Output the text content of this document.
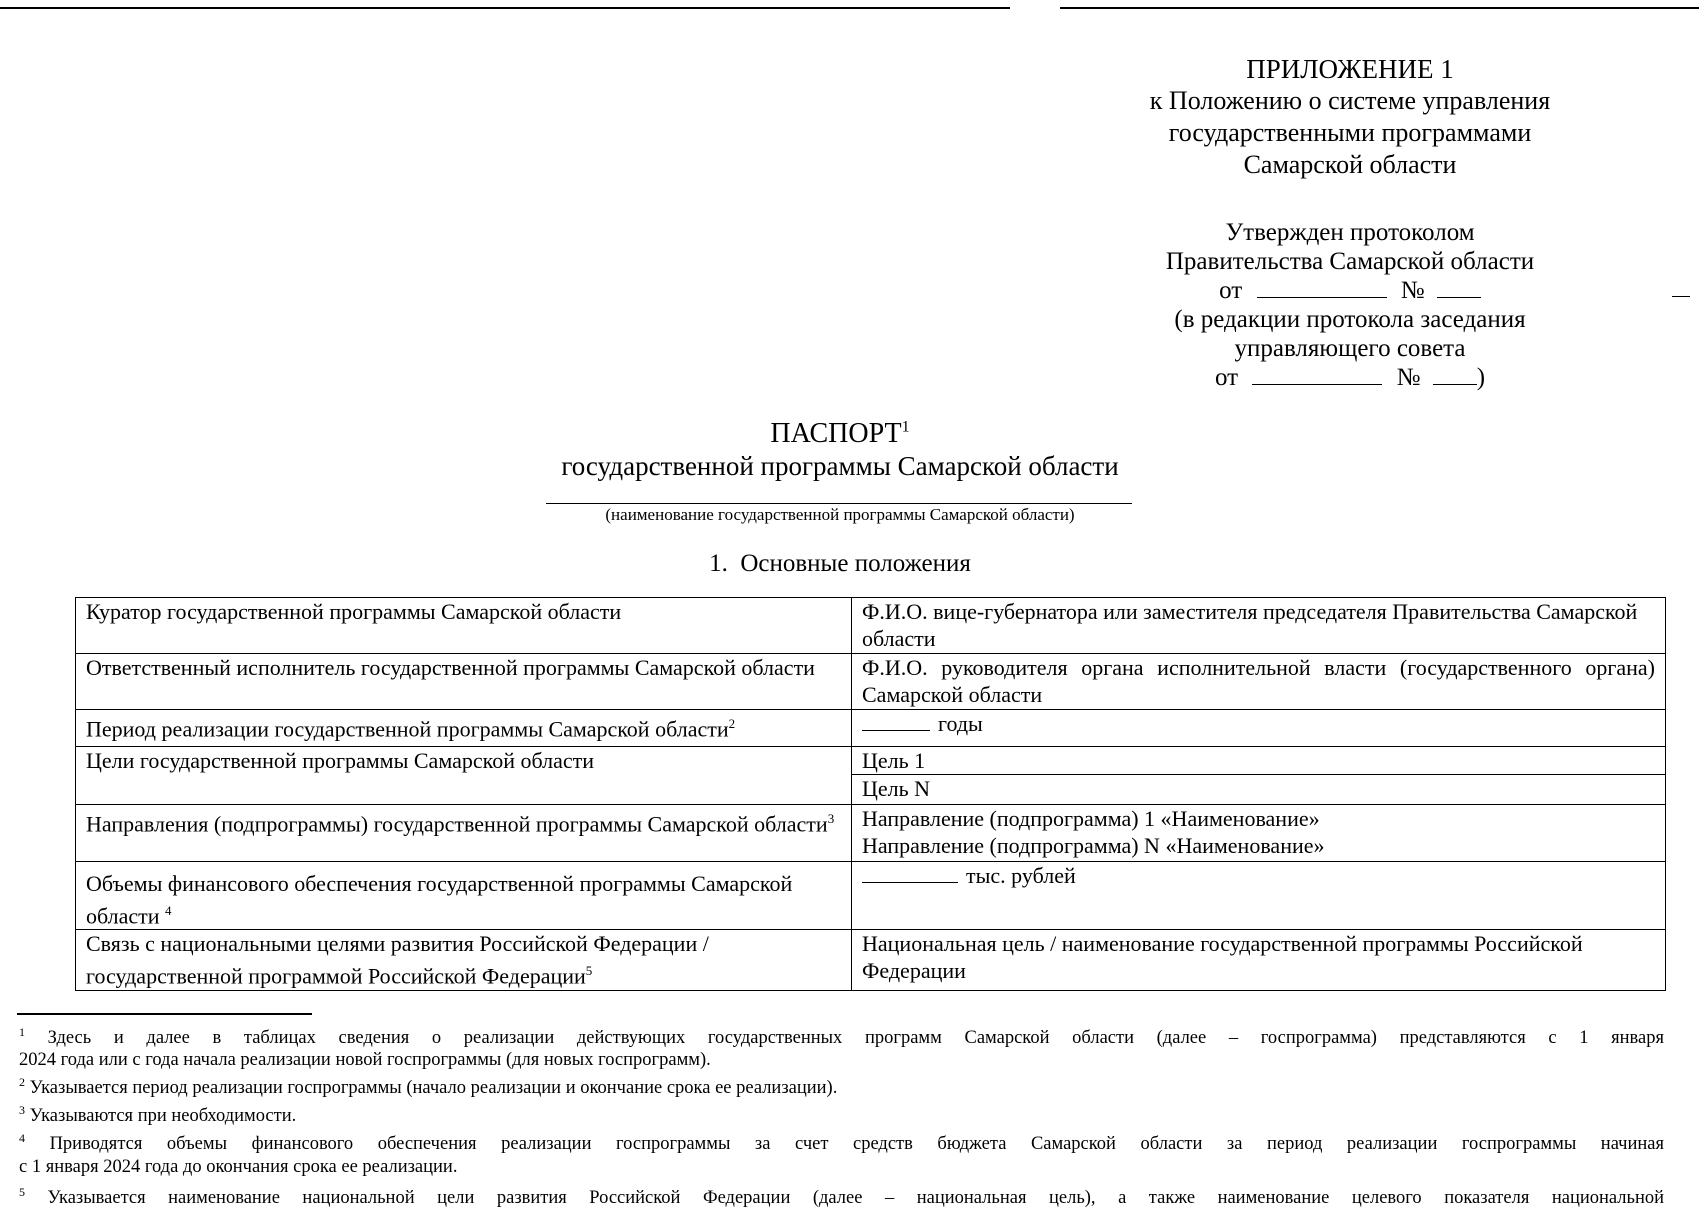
ПРИЛОЖЕНИЕ 1
к Положению о системе управления
государственными программами
Самарской области
Утвержден протоколом
Правительства Самарской области
от	№
(в редакции протокола заседания
управляющего совета
от	№ )
ПАСПОРТ$^1$
государственной программы Самарской области
(наименование государственной программы Самарской области)
1. Основные положения
Куратор государственной программы Самарской области	Ф.И.О. вице-губернатора или заместителя председателя Правительства Самарской области
Ответственный исполнитель государственной программы Самарской области	Ф.И.О. руководителя органа исполнительной власти (государственного органа) Самарской области
Период реализации государственной программы Самарской области$^2$	годы
Цели государственной программы Самарской области	Цель 1
Цель N

Направления (подпрограммы) государственной программы Самарской области$^3$	Направление (подпрограмма) 1 «Наименование»
Направление (подпрограмма) N «Наименование»

Объемы финансового обеспечения государственной программы Самарской области $^4$	тыс. рублей
Связь с национальными целями развития Российской Федерации / государственной программой Российской Федерации$^5$	Национальная цель / наименование государственной программы Российской Федерации

$^1$ Здесь и далее в таблицах сведения о реализации действующих государственных программ Самарской области (далее – госпрограмма) представляются с 1 января

2024 года или с года начала реализации новой госпрограммы (для новых госпрограмм).

$^2$ Указывается период реализации госпрограммы (начало реализации и окончание срока ее реализации).

$^3$ Указываются при необходимости.

$^4$ Приводятся объемы финансового обеспечения реализации госпрограммы за счет средств бюджета Самарской области за период реализации госпрограммы начиная

с 1 января 2024 года до окончания срока ее реализации.

$^5$ Указывается наименование национальной цели развития Российской Федерации (далее – национальная цель), а также наименование целевого показателя национальной
